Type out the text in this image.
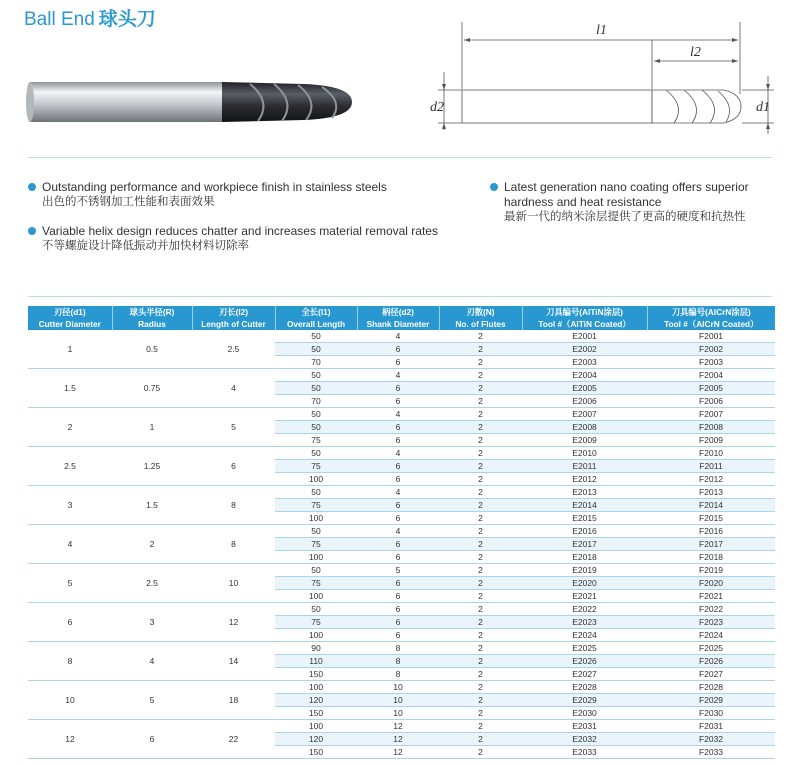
Ball End 球头刀
l1
l2
d2	d1
Outstanding performance and workpiece finish in stainless steels
出色的不锈钢加工性能和表面效果
Variable helix design reduces chatter and increases material removal rates
不等螺旋设计降低振动并加快材料切除率
Latest generation nano coating offers superior hardness and heat resistance
最新一代的纳米涂层提供了更高的硬度和抗热性
刃径(d1)	球头半径(R)	刃长(l2)	全长(l1)	柄径(d2)	刃数(N)	刀具编号(AlTiN涂层)	刀具编号(AlCrN涂层)
Cutter Diameter	Radius	Length of Cutter	Overall Length	Shank Diameter	No. of Flutes	Tool #（AlTiN Coated）	Tool #（AlCrN Coated）
1	0.5	2.5	50	4	2	E2001	F2001
			50	6	2	E2002	F2002
			70	6	2	E2003	F2003
1.5	0.75	4	50	4	2	E2004	F2004
			50	6	2	E2005	F2005
			70	6	2	E2006	F2006
2	1	5	50	4	2	E2007	F2007
			50	6	2	E2008	F2008
			75	6	2	E2009	F2009
2.5	1.25	6	50	4	2	E2010	F2010
			75	6	2	E2011	F2011
			100	6	2	E2012	F2012
3	1.5	8	50	4	2	E2013	F2013
			75	6	2	E2014	F2014
			100	6	2	E2015	F2015
4	2	8	50	4	2	E2016	F2016
			75	6	2	E2017	F2017
			100	6	2	E2018	F2018
5	2.5	10	50	5	2	E2019	F2019
			75	6	2	E2020	F2020
			100	6	2	E2021	F2021
6	3	12	50	6	2	E2022	F2022
			75	6	2	E2023	F2023
			100	6	2	E2024	F2024
8	4	14	90	8	2	E2025	F2025
			110	8	2	E2026	F2026
			150	8	2	E2027	F2027
10	5	18	100	10	2	E2028	F2028
			120	10	2	E2029	F2029
			150	10	2	E2030	F2030
12	6	22	100	12	2	E2031	F2031
			120	12	2	E2032	F2032
			150	12	2	E2033	F2033
